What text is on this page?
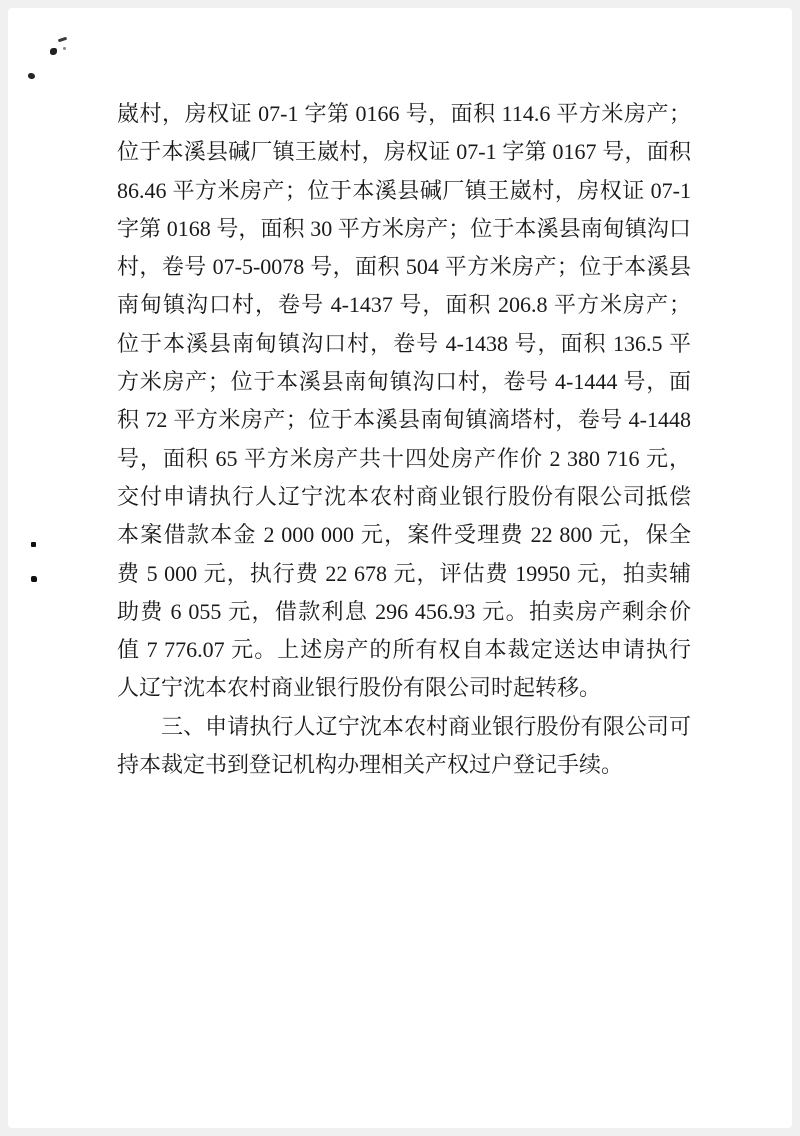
崴村，房权证 07-1 字第 0166 号，面积 114.6 平方米房产；
位于本溪县碱厂镇王崴村，房权证 07-1 字第 0167 号，面积
86.46 平方米房产；位于本溪县碱厂镇王崴村，房权证 07-1
字第 0168 号，面积 30 平方米房产；位于本溪县南甸镇沟口
村，卷号 07-5-0078 号，面积 504 平方米房产；位于本溪县
南甸镇沟口村，卷号 4-1437 号，面积 206.8 平方米房产；
位于本溪县南甸镇沟口村，卷号 4-1438 号，面积 136.5 平
方米房产；位于本溪县南甸镇沟口村，卷号 4-1444 号，面
积 72 平方米房产；位于本溪县南甸镇滴塔村，卷号 4-1448
号，面积 65 平方米房产共十四处房产作价 2 380 716 元，
交付申请执行人辽宁沈本农村商业银行股份有限公司抵偿
本案借款本金 2 000 000 元，案件受理费 22 800 元，保全
费 5 000 元，执行费 22 678 元，评估费 19950 元，拍卖辅
助费 6 055 元，借款利息 296 456.93 元。拍卖房产剩余价
值 7 776.07 元。上述房产的所有权自本裁定送达申请执行
人辽宁沈本农村商业银行股份有限公司时起转移。
三、申请执行人辽宁沈本农村商业银行股份有限公司可
持本裁定书到登记机构办理相关产权过户登记手续。
